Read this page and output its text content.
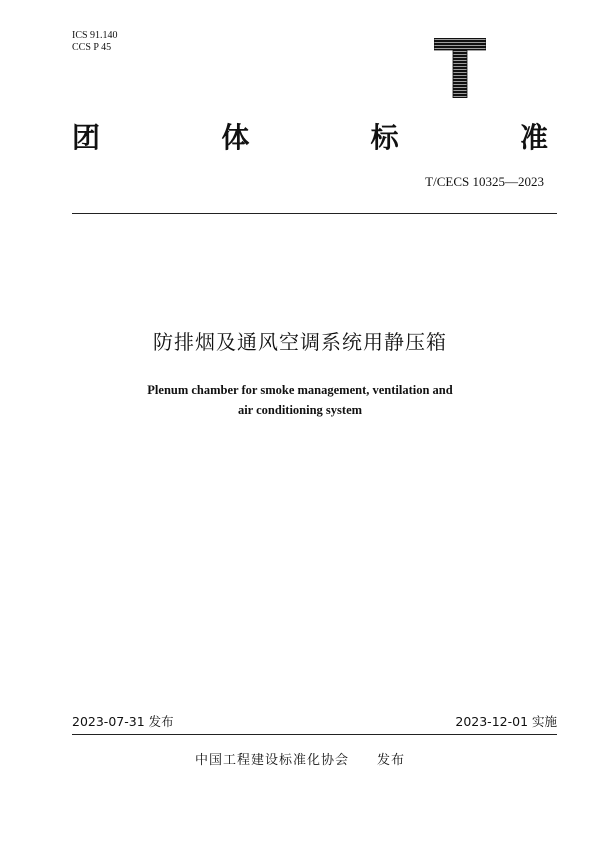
ICS 91.140
CCS P 45
团	体	标	准
T/CECS 10325—2023
防排烟及通风空调系统用静压箱
Plenum chamber for smoke management, ventilation and
air conditioning system
2023-07-31 发布	2023-12-01 实施
中国工程建设标准化协会 发布
